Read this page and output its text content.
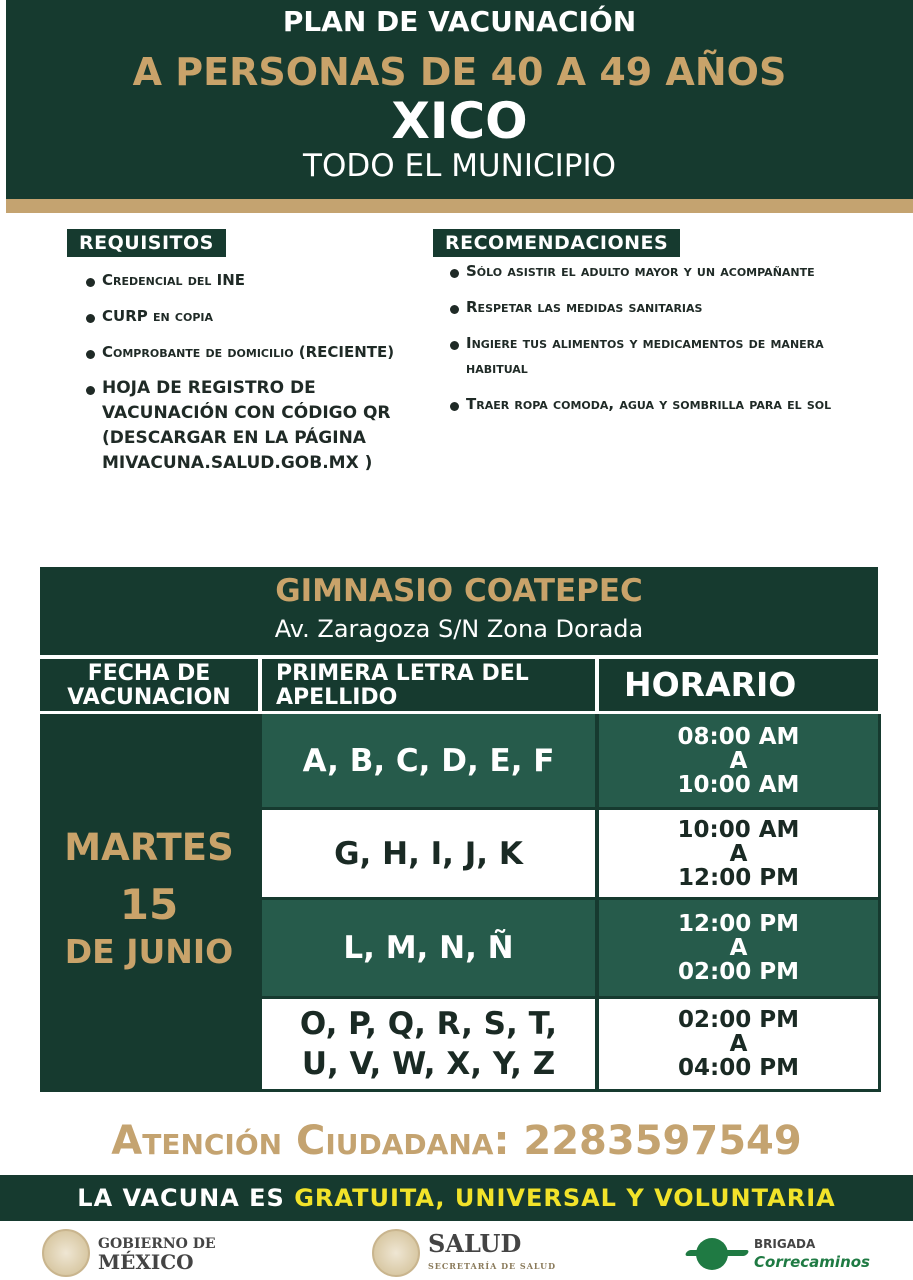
PLAN DE VACUNACIÓN
A PERSONAS DE 40 A 49 AÑOS
XICO
TODO EL MUNICIPIO
REQUISITOS
Credencial del INE
CURP en copia
Comprobante de domicilio (RECIENTE)
HOJA DE REGISTRO DE VACUNACIÓN CON CÓDIGO QR (DESCARGAR EN LA PÁGINA MIVACUNA.SALUD.GOB.MX )
RECOMENDACIONES
Sólo asistir el adulto mayor y un acompañante
Respetar las medidas sanitarias
Ingiere tus alimentos y medicamentos de manera habitual
Traer ropa comoda, agua y sombrilla para el sol
GIMNASIO COATEPEC
Av. Zaragoza S/N Zona Dorada
FECHA DE VACUNACION
PRIMERA LETRA DEL APELLIDO	HORARIO
MARTES
15
DE JUNIO
A, B, C, D, E, F
08:00 AM
A
10:00 AM
G, H, I, J, K
10:00 AM
A
12:00 PM
L, M, N, Ñ
12:00 PM
A
02:00 PM
O, P, Q, R, S, T, U, V, W, X, Y, Z
02:00 PM
A
04:00 PM
Atención Ciudadana: 2283597549
LA VACUNA ES GRATUITA, UNIVERSAL Y VOLUNTARIA
GOBIERNO DE
MÉXICO
SALUD
SECRETARÍA DE SALUD
BRIGADA
Correcaminos
